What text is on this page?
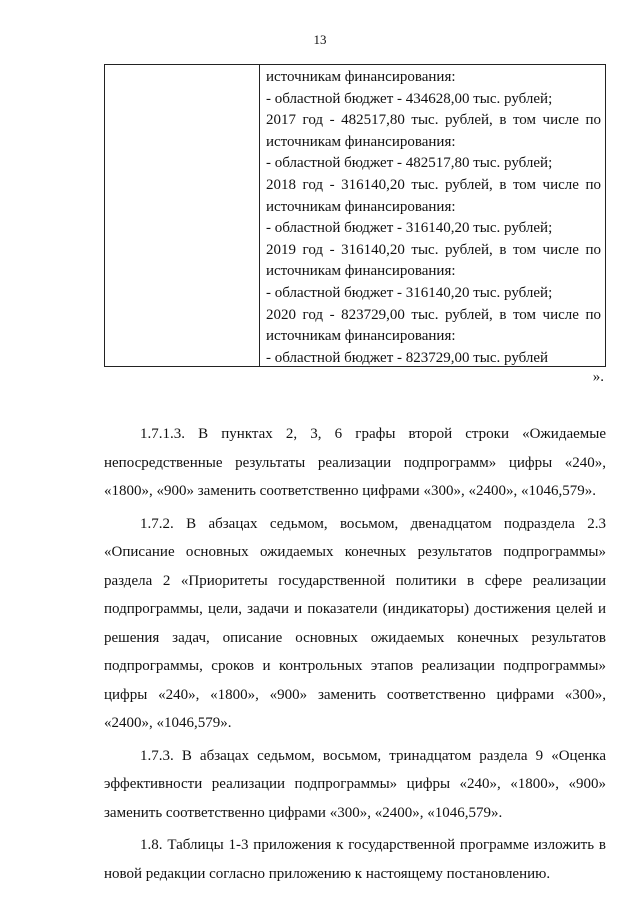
13
источникам финансирования:
- областной бюджет - 434628,00 тыс. рублей;
2017 год - 482517,80 тыс. рублей, в том числе по
источникам финансирования:
- областной бюджет - 482517,80 тыс. рублей;
2018 год - 316140,20 тыс. рублей, в том числе по
источникам финансирования:
- областной бюджет - 316140,20 тыс. рублей;
2019 год - 316140,20 тыс. рублей, в том числе по
источникам финансирования:
- областной бюджет - 316140,20 тыс. рублей;
2020 год - 823729,00 тыс. рублей, в том числе по
источникам финансирования:
- областной бюджет - 823729,00 тыс. рублей
».
1.7.1.3. В пунктах 2, 3, 6 графы второй строки «Ожидаемые
непосредственные результаты реализации подпрограмм» цифры «240»,
«1800», «900» заменить соответственно цифрами «300», «2400», «1046,579».
1.7.2. В абзацах седьмом, восьмом, двенадцатом подраздела 2.3
«Описание основных ожидаемых конечных результатов подпрограммы»
раздела 2 «Приоритеты государственной политики в сфере реализации
подпрограммы, цели, задачи и показатели (индикаторы) достижения целей и
решения задач, описание основных ожидаемых конечных результатов
подпрограммы, сроков и контрольных этапов реализации подпрограммы»
цифры «240», «1800», «900» заменить соответственно цифрами «300»,
«2400», «1046,579».
1.7.3. В абзацах седьмом, восьмом, тринадцатом раздела 9 «Оценка
эффективности реализации подпрограммы» цифры «240», «1800», «900»
заменить соответственно цифрами «300», «2400», «1046,579».
1.8. Таблицы 1-3 приложения к государственной программе изложить в
новой редакции согласно приложению к настоящему постановлению.
